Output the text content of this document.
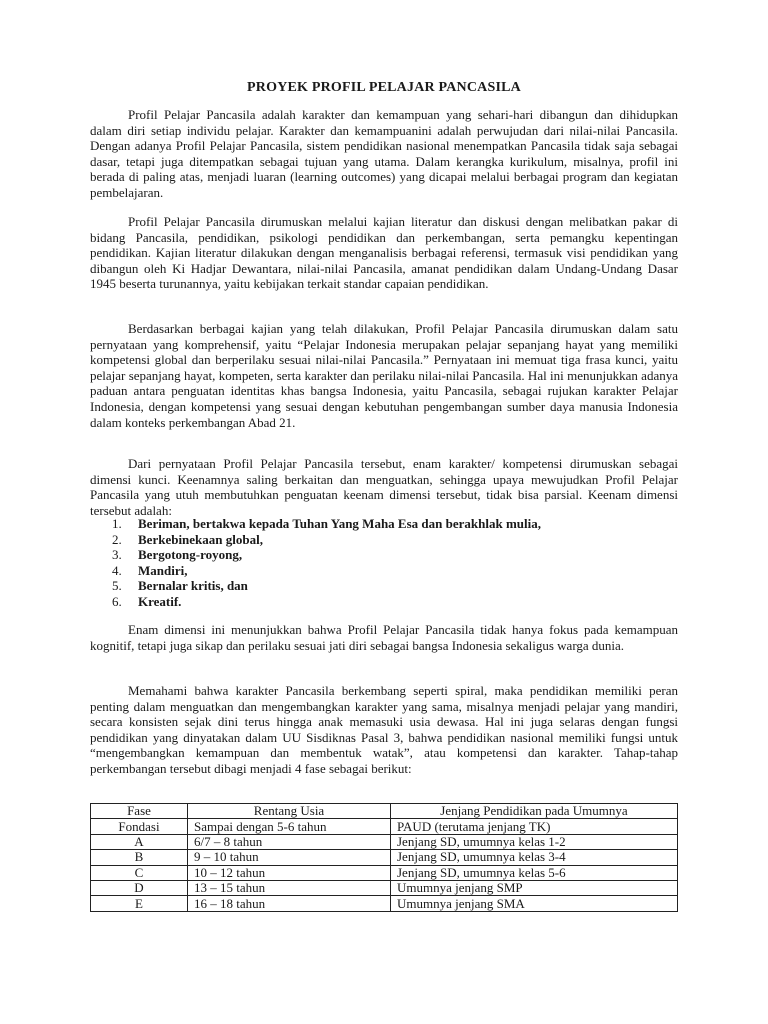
PROYEK PROFIL PELAJAR PANCASILA

Profil Pelajar Pancasila adalah karakter dan kemampuan yang sehari-hari dibangun dan dihidupkan dalam diri setiap individu pelajar. Karakter dan kemampuanini adalah perwujudan dari nilai-nilai Pancasila. Dengan adanya Profil Pelajar Pancasila, sistem pendidikan nasional menempatkan Pancasila tidak saja sebagai dasar, tetapi juga ditempatkan sebagai tujuan yang utama. Dalam kerangka kurikulum, misalnya, profil ini berada di paling atas, menjadi luaran (learning outcomes) yang dicapai melalui berbagai program dan kegiatan pembelajaran.

Profil Pelajar Pancasila dirumuskan melalui kajian literatur dan diskusi dengan melibatkan pakar di bidang Pancasila, pendidikan, psikologi pendidikan dan perkembangan, serta pemangku kepentingan pendidikan. Kajian literatur dilakukan dengan menganalisis berbagai referensi, termasuk visi pendidikan yang dibangun oleh Ki Hadjar Dewantara, nilai-nilai Pancasila, amanat pendidikan dalam Undang-Undang Dasar 1945 beserta turunannya, yaitu kebijakan terkait standar capaian pendidikan.

Berdasarkan berbagai kajian yang telah dilakukan, Profil Pelajar Pancasila dirumuskan dalam satu pernyataan yang komprehensif, yaitu “Pelajar Indonesia merupakan pelajar sepanjang hayat yang memiliki kompetensi global dan berperilaku sesuai nilai-nilai Pancasila.” Pernyataan ini memuat tiga frasa kunci, yaitu pelajar sepanjang hayat, kompeten, serta karakter dan perilaku nilai-nilai Pancasila. Hal ini menunjukkan adanya paduan antara penguatan identitas khas bangsa Indonesia, yaitu Pancasila, sebagai rujukan karakter Pelajar Indonesia, dengan kompetensi yang sesuai dengan kebutuhan pengembangan sumber daya manusia Indonesia dalam konteks perkembangan Abad 21.

Dari pernyataan Profil Pelajar Pancasila tersebut, enam karakter/ kompetensi dirumuskan sebagai dimensi kunci. Keenamnya saling berkaitan dan menguatkan, sehingga upaya mewujudkan Profil Pelajar Pancasila yang utuh membutuhkan penguatan keenam dimensi tersebut, tidak bisa parsial. Keenam dimensi tersebut adalah:

1. Beriman, bertakwa kepada Tuhan Yang Maha Esa dan berakhlak mulia,
2. Berkebinekaan global,
3. Bergotong-royong,
4. Mandiri,
5. Bernalar kritis, dan
6. Kreatif.

Enam dimensi ini menunjukkan bahwa Profil Pelajar Pancasila tidak hanya fokus pada kemampuan kognitif, tetapi juga sikap dan perilaku sesuai jati diri sebagai bangsa Indonesia sekaligus warga dunia.

Memahami bahwa karakter Pancasila berkembang seperti spiral, maka pendidikan memiliki peran penting dalam menguatkan dan mengembangkan karakter yang sama, misalnya menjadi pelajar yang mandiri, secara konsisten sejak dini terus hingga anak memasuki usia dewasa. Hal ini juga selaras dengan fungsi pendidikan yang dinyatakan dalam UU Sisdiknas Pasal 3, bahwa pendidikan nasional memiliki fungsi untuk “mengembangkan kemampuan dan membentuk watak”, atau kompetensi dan karakter. Tahap-tahap perkembangan tersebut dibagi menjadi 4 fase sebagai berikut:

Fase	Rentang Usia	Jenjang Pendidikan pada Umumnya
Fondasi	Sampai dengan 5-6 tahun	PAUD (terutama jenjang TK)
A	6/7 – 8 tahun	Jenjang SD, umumnya kelas 1-2
B	9 – 10 tahun	Jenjang SD, umumnya kelas 3-4
C	10 – 12 tahun	Jenjang SD, umumnya kelas 5-6
D	13 – 15 tahun	Umumnya jenjang SMP
E	16 – 18 tahun	Umumnya jenjang SMA
